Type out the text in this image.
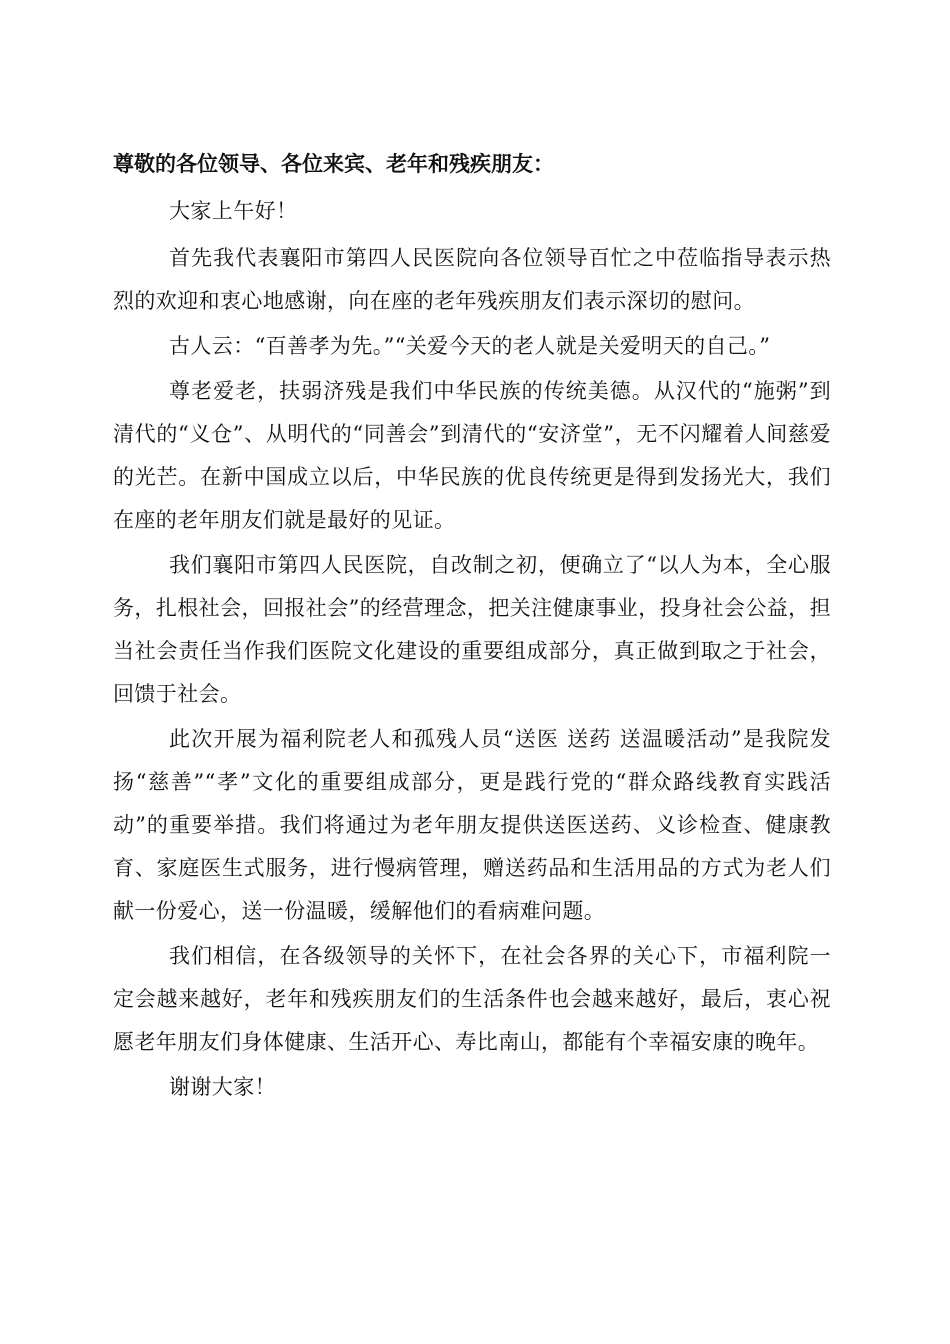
尊敬的各位领导、各位来宾、老年和残疾朋友：

大家上午好！

首先我代表襄阳市第四人民医院向各位领导百忙之中莅临指导表示热烈的欢迎和衷心地感谢，向在座的老年残疾朋友们表示深切的慰问。

古人云：“百善孝为先。”“关爱今天的老人就是关爱明天的自己。”

尊老爱老，扶弱济残是我们中华民族的传统美德。从汉代的“施粥”到清代的“义仓”、从明代的“同善会”到清代的“安济堂”，无不闪耀着人间慈爱的光芒。在新中国成立以后，中华民族的优良传统更是得到发扬光大，我们在座的老年朋友们就是最好的见证。

我们襄阳市第四人民医院，自改制之初，便确立了“以人为本，全心服务，扎根社会，回报社会”的经营理念，把关注健康事业，投身社会公益，担当社会责任当作我们医院文化建设的重要组成部分，真正做到取之于社会，回馈于社会。

此次开展为福利院老人和孤残人员“送医 送药 送温暖活动”是我院发扬“慈善”“孝”文化的重要组成部分，更是践行党的“群众路线教育实践活动”的重要举措。我们将通过为老年朋友提供送医送药、义诊检查、健康教育、家庭医生式服务，进行慢病管理，赠送药品和生活用品的方式为老人们献一份爱心，送一份温暖，缓解他们的看病难问题。

我们相信，在各级领导的关怀下，在社会各界的关心下，市福利院一定会越来越好，老年和残疾朋友们的生活条件也会越来越好，最后，衷心祝愿老年朋友们身体健康、生活开心、寿比南山，都能有个幸福安康的晚年。

谢谢大家！
